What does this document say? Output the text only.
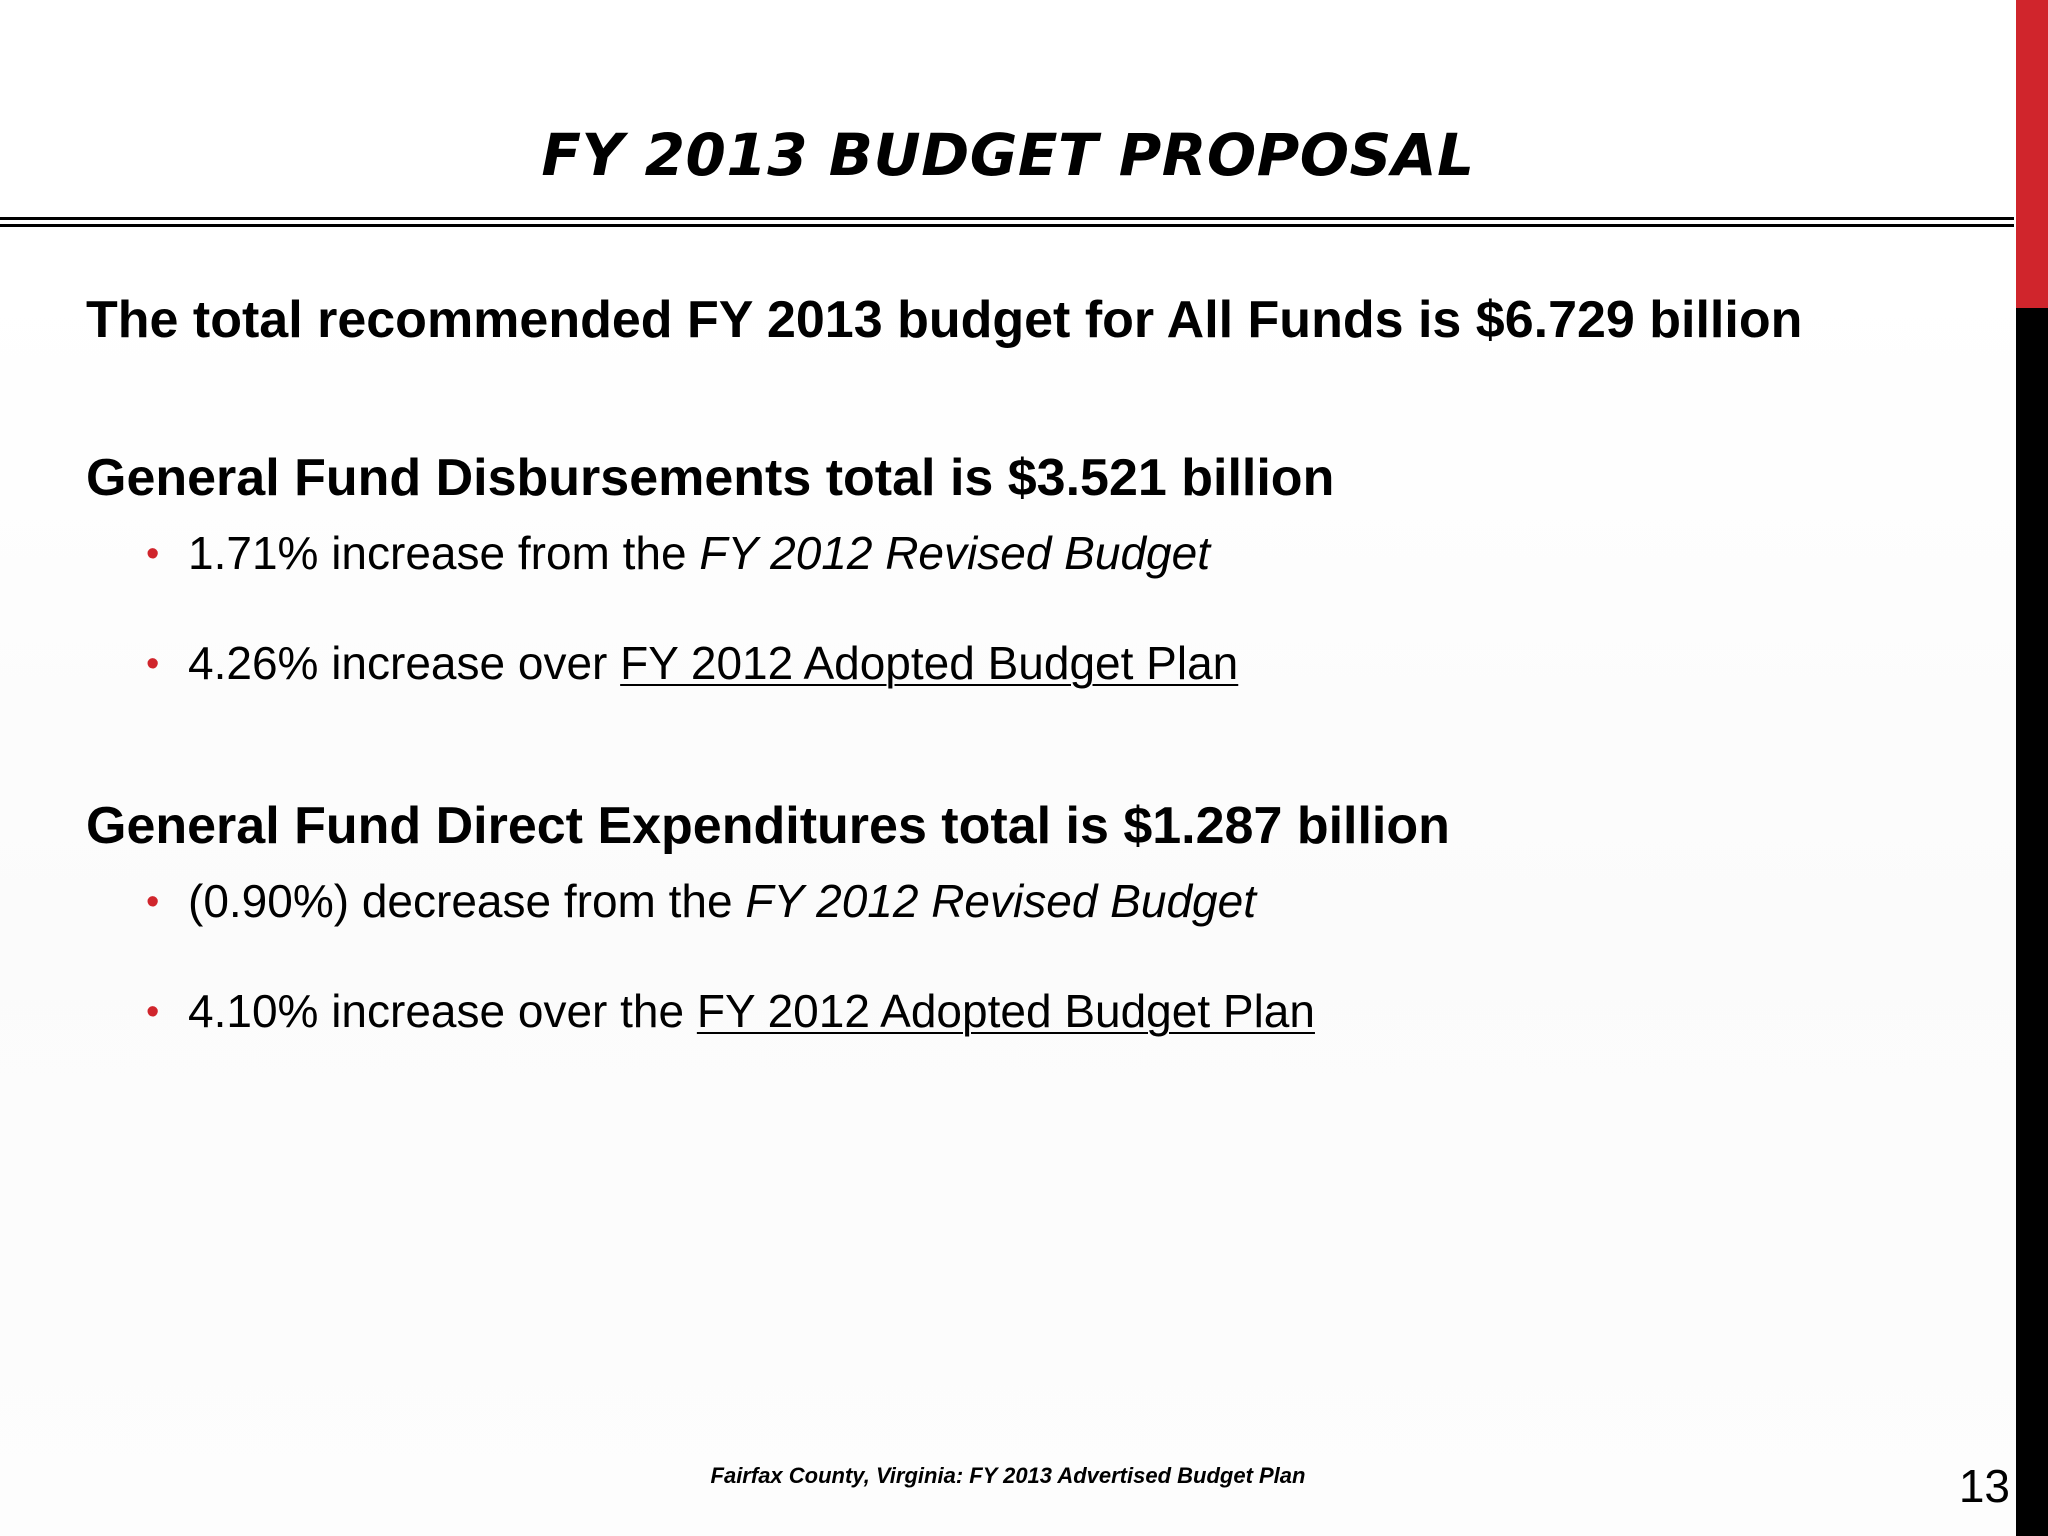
FY 2013 BUDGET PROPOSAL
The total recommended FY 2013 budget for All Funds is $6.729 billion
General Fund Disbursements total is $3.521 billion
• 1.71% increase from the FY 2012 Revised Budget
• 4.26% increase over FY 2012 Adopted Budget Plan
General Fund Direct Expenditures total is $1.287 billion
• (0.90%) decrease from the FY 2012 Revised Budget
• 4.10% increase over the FY 2012 Adopted Budget Plan
Fairfax County, Virginia: FY 2013 Advertised Budget Plan	13
